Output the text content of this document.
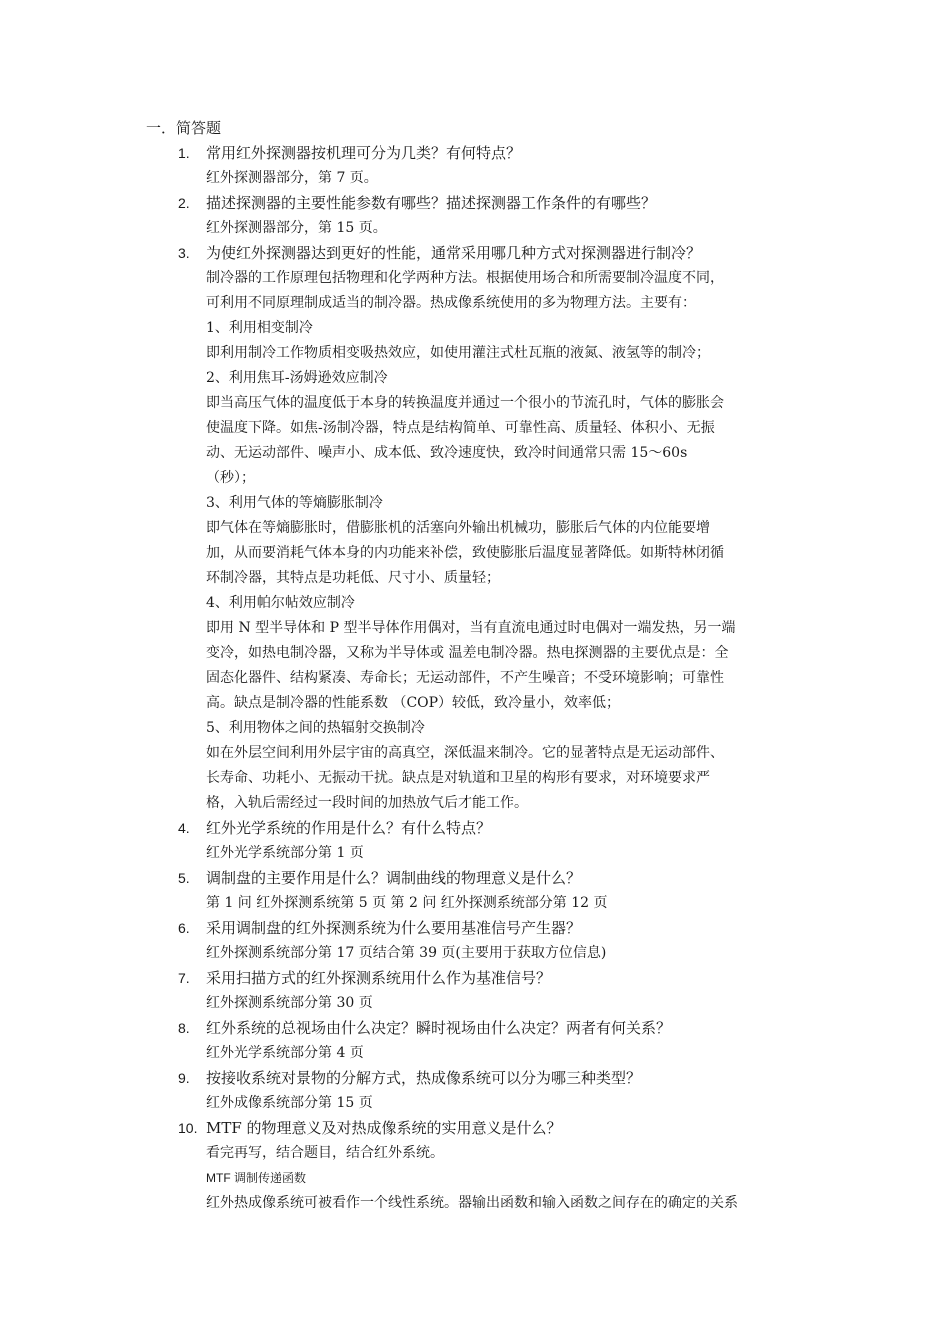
一．简答题
1.	常用红外探测器按机理可分为几类？有何特点？
红外探测器部分，第 7 页。
2.	描述探测器的主要性能参数有哪些？描述探测器工作条件的有哪些？
红外探测器部分，第 15 页。
3.	为使红外探测器达到更好的性能，通常采用哪几种方式对探测器进行制冷？
制冷器的工作原理包括物理和化学两种方法。根据使用场合和所需要制冷温度不同，
可利用不同原理制成适当的制冷器。热成像系统使用的多为物理方法。主要有：
1、利用相变制冷
即利用制冷工作物质相变吸热效应，如使用灌注式杜瓦瓶的液氮、液氢等的制冷；
2、利用焦耳-汤姆逊效应制冷
即当高压气体的温度低于本身的转换温度并通过一个很小的节流孔时，气体的膨胀会
使温度下降。如焦-汤制冷器，特点是结构简单、可靠性高、质量轻、体积小、无振
动、无运动部件、噪声小、成本低、致冷速度快，致冷时间通常只需 15～60s
（秒）；
3、利用气体的等熵膨胀制冷
即气体在等熵膨胀时，借膨胀机的活塞向外输出机械功，膨胀后气体的内位能要增
加，从而要消耗气体本身的内功能来补偿，致使膨胀后温度显著降低。如斯特林闭循
环制冷器，其特点是功耗低、尺寸小、质量轻；
4、利用帕尔帖效应制冷
即用 N 型半导体和 P 型半导体作用偶对，当有直流电通过时电偶对一端发热，另一端
变冷，如热电制冷器，又称为半导体或 温差电制冷器。热电探测器的主要优点是：全
固态化器件、结构紧凑、寿命长；无运动部件，不产生噪音；不受环境影响；可靠性
高。缺点是制冷器的性能系数 （COP）较低，致冷量小，效率低；
5、利用物体之间的热辐射交换制冷
如在外层空间利用外层宇宙的高真空，深低温来制冷。它的显著特点是无运动部件、
长寿命、功耗小、无振动干扰。缺点是对轨道和卫星的构形有要求，对环境要求严
格，入轨后需经过一段时间的加热放气后才能工作。
4.	红外光学系统的作用是什么？有什么特点？
红外光学系统部分第 1 页
5.	调制盘的主要作用是什么？调制曲线的物理意义是什么？
第 1 问 红外探测系统第 5 页 第 2 问 红外探测系统部分第 12 页
6.	采用调制盘的红外探测系统为什么要用基准信号产生器？
红外探测系统部分第 17 页结合第 39 页(主要用于获取方位信息)
7.	采用扫描方式的红外探测系统用什么作为基准信号？
红外探测系统部分第 30 页
8.	红外系统的总视场由什么决定？瞬时视场由什么决定？两者有何关系？
红外光学系统部分第 4 页
9.	按接收系统对景物的分解方式，热成像系统可以分为哪三种类型？
红外成像系统部分第 15 页
10. MTF 的物理意义及对热成像系统的实用意义是什么？
看完再写，结合题目，结合红外系统。
MTF 调制传递函数
红外热成像系统可被看作一个线性系统。器输出函数和输入函数之间存在的确定的关系
